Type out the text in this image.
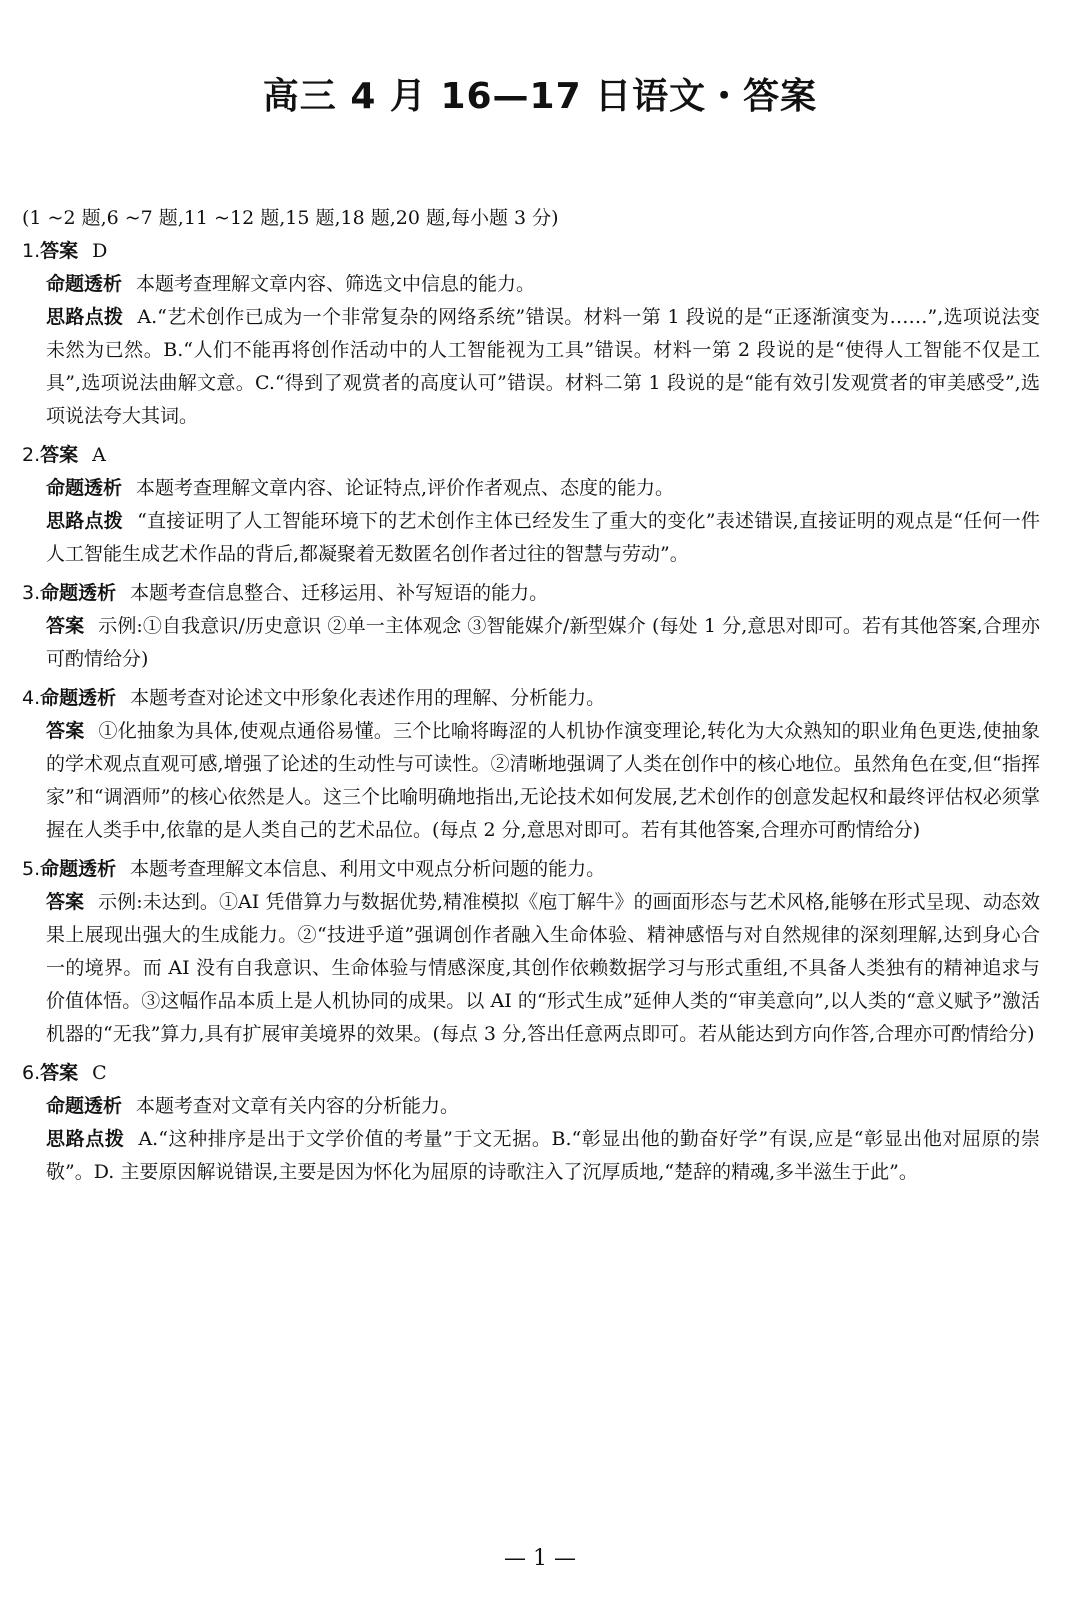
高三 4 月 16—17 日语文・答案
(1 ~2 题,6 ~7 题,11 ~12 题,15 题,18 题,20 题,每小题 3 分)
1.答案 D
命题透析 本题考查理解文章内容、筛选文中信息的能力。
思路点拨 A.“艺术创作已成为一个非常复杂的网络系统”错误。材料一第 1 段说的是“正逐渐演变为……”,选项说法变未然为已然。B.“人们不能再将创作活动中的人工智能视为工具”错误。材料一第 2 段说的是“使得人工智能不仅是工具”,选项说法曲解文意。C.“得到了观赏者的高度认可”错误。材料二第 1 段说的是“能有效引发观赏者的审美感受”,选项说法夸大其词。
2.答案 A
命题透析 本题考查理解文章内容、论证特点,评价作者观点、态度的能力。
思路点拨 “直接证明了人工智能环境下的艺术创作主体已经发生了重大的变化”表述错误,直接证明的观点是“任何一件人工智能生成艺术作品的背后,都凝聚着无数匿名创作者过往的智慧与劳动”。
3.命题透析 本题考查信息整合、迁移运用、补写短语的能力。
答案 示例:①自我意识/历史意识 ②单一主体观念 ③智能媒介/新型媒介 (每处 1 分,意思对即可。若有其他答案,合理亦可酌情给分)
4.命题透析 本题考查对论述文中形象化表述作用的理解、分析能力。
答案 ①化抽象为具体,使观点通俗易懂。三个比喻将晦涩的人机协作演变理论,转化为大众熟知的职业角色更迭,使抽象的学术观点直观可感,增强了论述的生动性与可读性。②清晰地强调了人类在创作中的核心地位。虽然角色在变,但“指挥家”和“调酒师”的核心依然是人。这三个比喻明确地指出,无论技术如何发展,艺术创作的创意发起权和最终评估权必须掌握在人类手中,依靠的是人类自己的艺术品位。(每点 2 分,意思对即可。若有其他答案,合理亦可酌情给分)
5.命题透析 本题考查理解文本信息、利用文中观点分析问题的能力。
答案 示例:未达到。①AI 凭借算力与数据优势,精准模拟《庖丁解牛》的画面形态与艺术风格,能够在形式呈现、动态效果上展现出强大的生成能力。②“技进乎道”强调创作者融入生命体验、精神感悟与对自然规律的深刻理解,达到身心合一的境界。而 AI 没有自我意识、生命体验与情感深度,其创作依赖数据学习与形式重组,不具备人类独有的精神追求与价值体悟。③这幅作品本质上是人机协同的成果。以 AI 的“形式生成”延伸人类的“审美意向”,以人类的“意义赋予”激活机器的“无我”算力,具有扩展审美境界的效果。(每点 3 分,答出任意两点即可。若从能达到方向作答,合理亦可酌情给分)
6.答案 C
命题透析 本题考查对文章有关内容的分析能力。
思路点拨 A.“这种排序是出于文学价值的考量”于文无据。B.“彰显出他的勤奋好学”有误,应是“彰显出他对屈原的崇敬”。D. 主要原因解说错误,主要是因为怀化为屈原的诗歌注入了沉厚质地,“楚辞的精魂,多半滋生于此”。
— 1 —
